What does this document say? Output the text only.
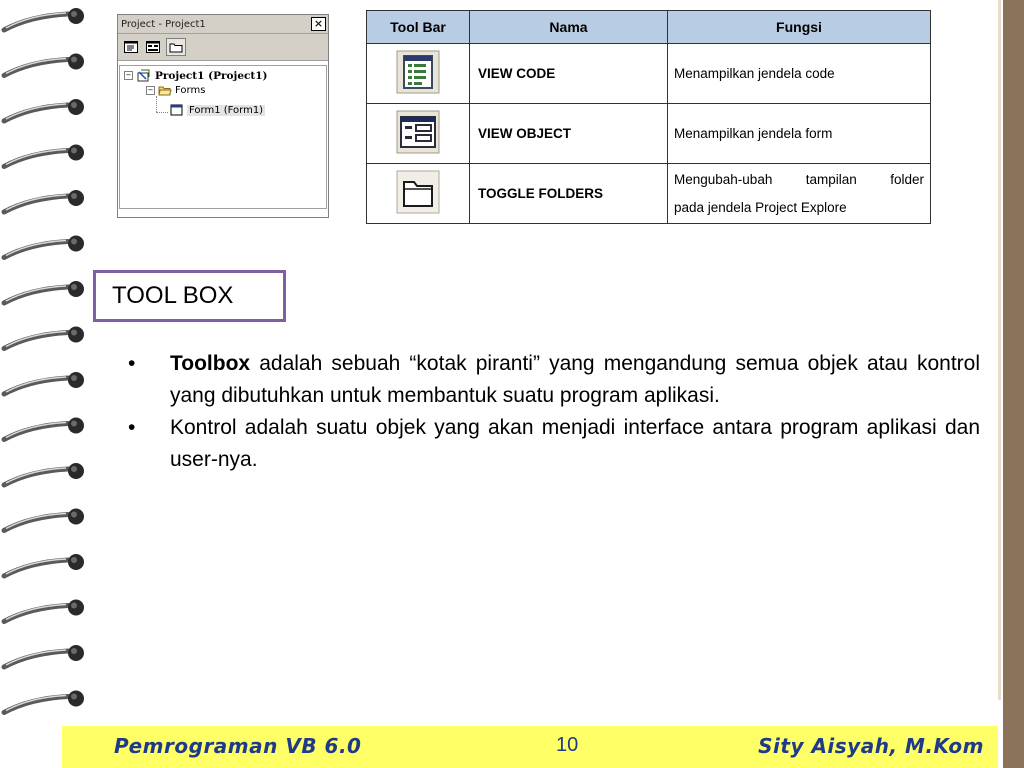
Project - Project1	×
− Project1 (Project1)
− Forms
Form1 (Form1)
Tool Bar	Nama	Fungsi
	VIEW CODE	Menampilkan jendela code
	VIEW OBJECT	Menampilkan jendela form
	TOGGLE FOLDERS	Mengubah-ubah tampilan folder
pada jendela Project Explore
TOOL BOX
• Toolbox adalah sebuah “kotak piranti” yang mengandung semua objek atau kontrol yang dibutuhkan untuk membantuk suatu program aplikasi.
• Kontrol adalah suatu objek yang akan menjadi interface antara program aplikasi dan user-nya.
Pemrograman VB 6.0	10	Sity Aisyah, M.Kom
